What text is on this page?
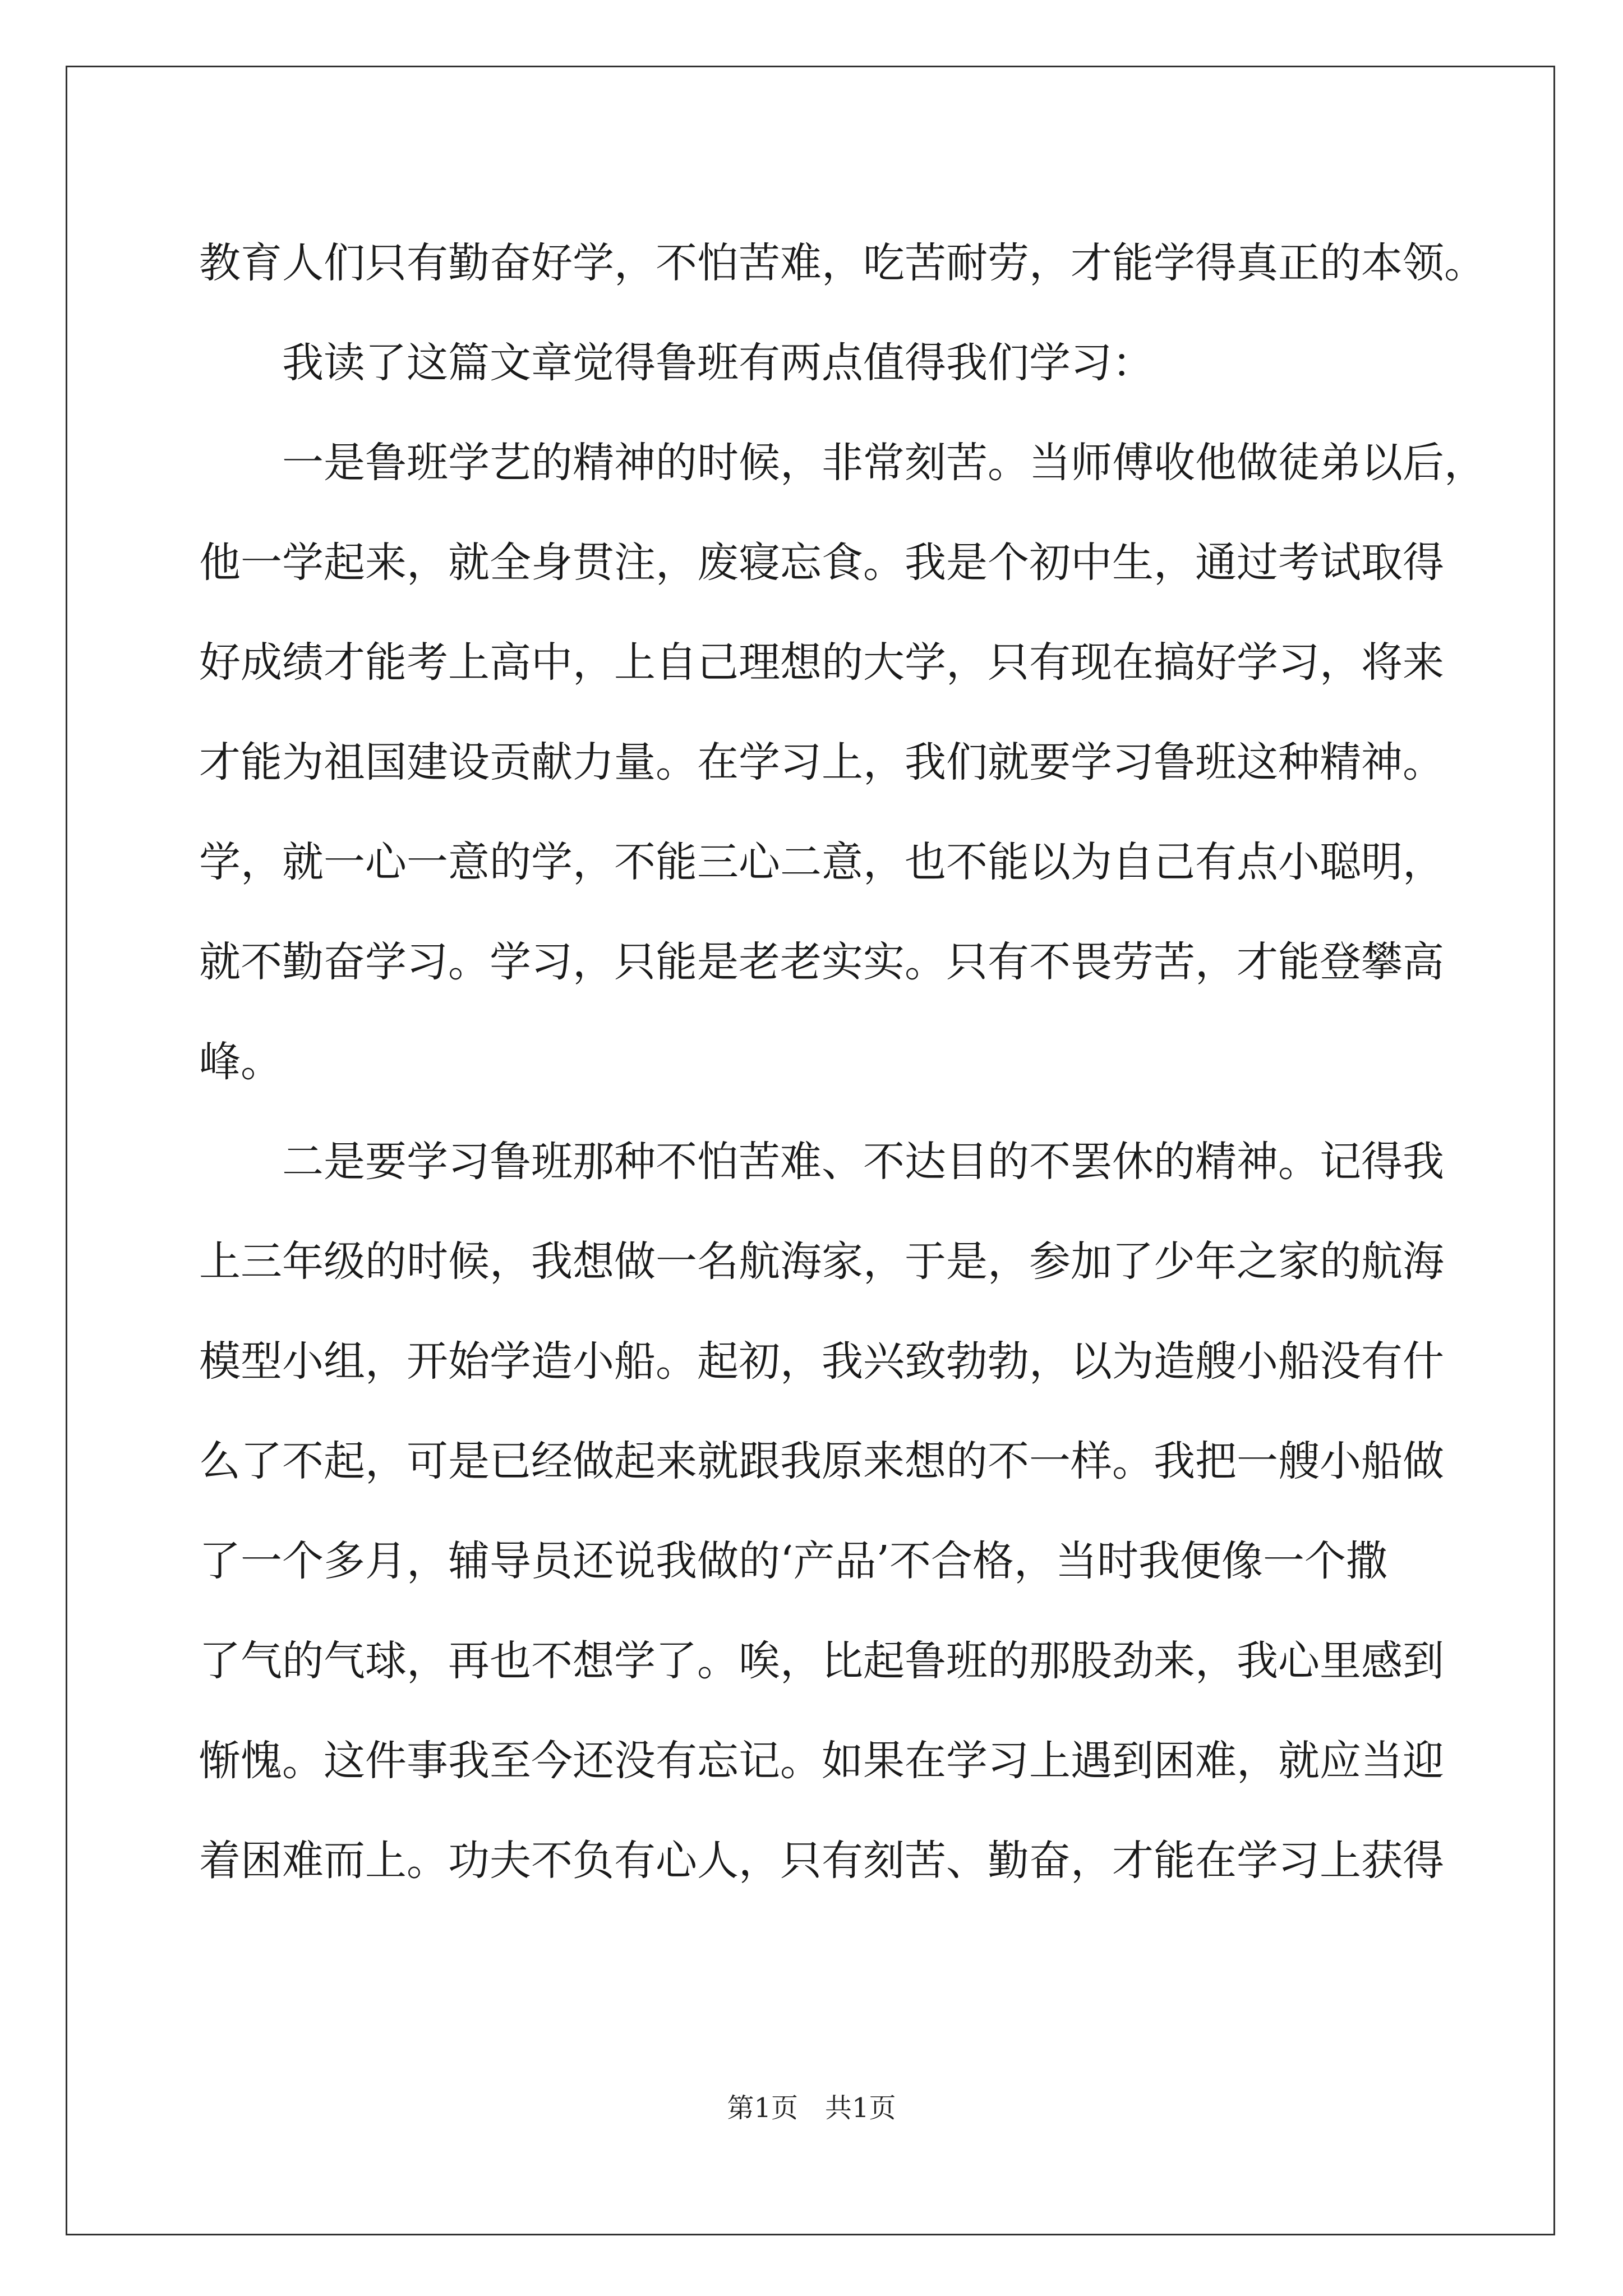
教育人们只有勤奋好学，不怕苦难，吃苦耐劳，才能学得真正的本领。
我读了这篇文章觉得鲁班有两点值得我们学习：
一是鲁班学艺的精神的时候，非常刻苦。当师傅收他做徒弟以后，
他一学起来，就全身贯注，废寝忘食。我是个初中生，通过考试取得
好成绩才能考上高中，上自己理想的大学，只有现在搞好学习，将来
才能为祖国建设贡献力量。在学习上，我们就要学习鲁班这种精神。
学，就一心一意的学，不能三心二意，也不能以为自己有点小聪明，
就不勤奋学习。学习，只能是老老实实。只有不畏劳苦，才能登攀高
峰。
二是要学习鲁班那种不怕苦难、不达目的不罢休的精神。记得我
上三年级的时候，我想做一名航海家，于是，参加了少年之家的航海
模型小组，开始学造小船。起初，我兴致勃勃，以为造艘小船没有什
么了不起，可是已经做起来就跟我原来想的不一样。我把一艘小船做
了一个多月，辅导员还说我做的‘产品’不合格，当时我便像一个撒
了气的气球，再也不想学了。唉，比起鲁班的那股劲来，我心里感到
惭愧。这件事我至今还没有忘记。如果在学习上遇到困难，就应当迎
着困难而上。功夫不负有心人，只有刻苦、勤奋，才能在学习上获得
第1页 共1页
